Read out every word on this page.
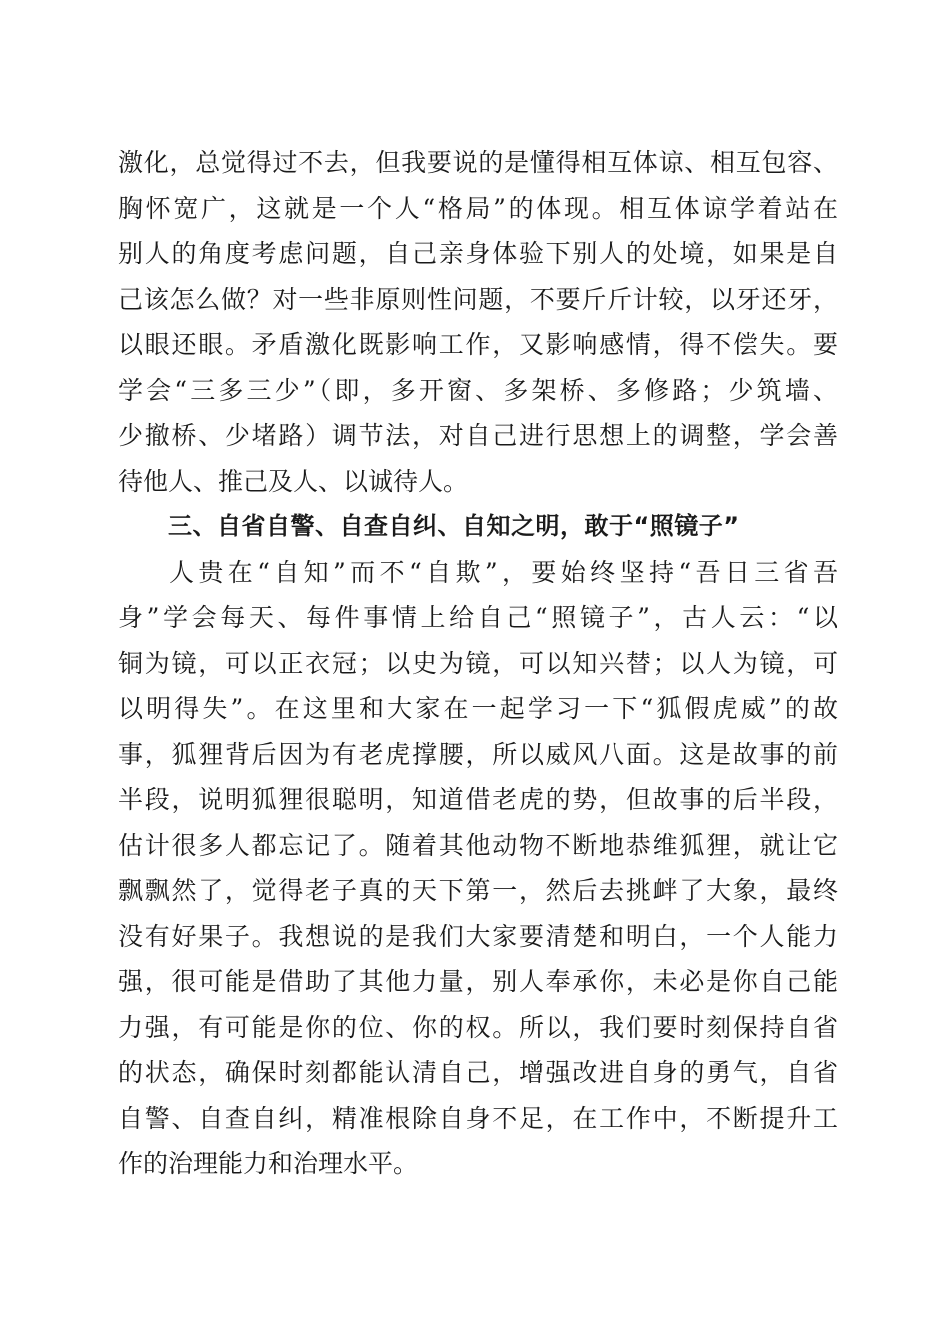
激化，总觉得过不去，但我要说的是懂得相互体谅、相互包容、
胸怀宽广，这就是一个人“格局”的体现。相互体谅学着站在
别人的角度考虑问题，自己亲身体验下别人的处境，如果是自
己该怎么做？对一些非原则性问题，不要斤斤计较，以牙还牙，
以眼还眼。矛盾激化既影响工作，又影响感情，得不偿失。要
学会“三多三少”（即，多开窗、多架桥、多修路；少筑墙、
少撤桥、少堵路）调节法，对自己进行思想上的调整，学会善
待他人、推己及人、以诚待人。
三、自省自警、自查自纠、自知之明，敢于“照镜子”
人贵在“自知”而不“自欺”，要始终坚持“吾日三省吾
身”学会每天、每件事情上给自己“照镜子”，古人云：“以
铜为镜，可以正衣冠；以史为镜，可以知兴替；以人为镜，可
以明得失”。在这里和大家在一起学习一下“狐假虎威”的故
事，狐狸背后因为有老虎撑腰，所以威风八面。这是故事的前
半段，说明狐狸很聪明，知道借老虎的势，但故事的后半段，
估计很多人都忘记了。随着其他动物不断地恭维狐狸，就让它
飘飘然了，觉得老子真的天下第一，然后去挑衅了大象，最终
没有好果子。我想说的是我们大家要清楚和明白，一个人能力
强，很可能是借助了其他力量，别人奉承你，未必是你自己能
力强，有可能是你的位、你的权。所以，我们要时刻保持自省
的状态，确保时刻都能认清自己，增强改进自身的勇气，自省
自警、自查自纠，精准根除自身不足，在工作中，不断提升工
作的治理能力和治理水平。
